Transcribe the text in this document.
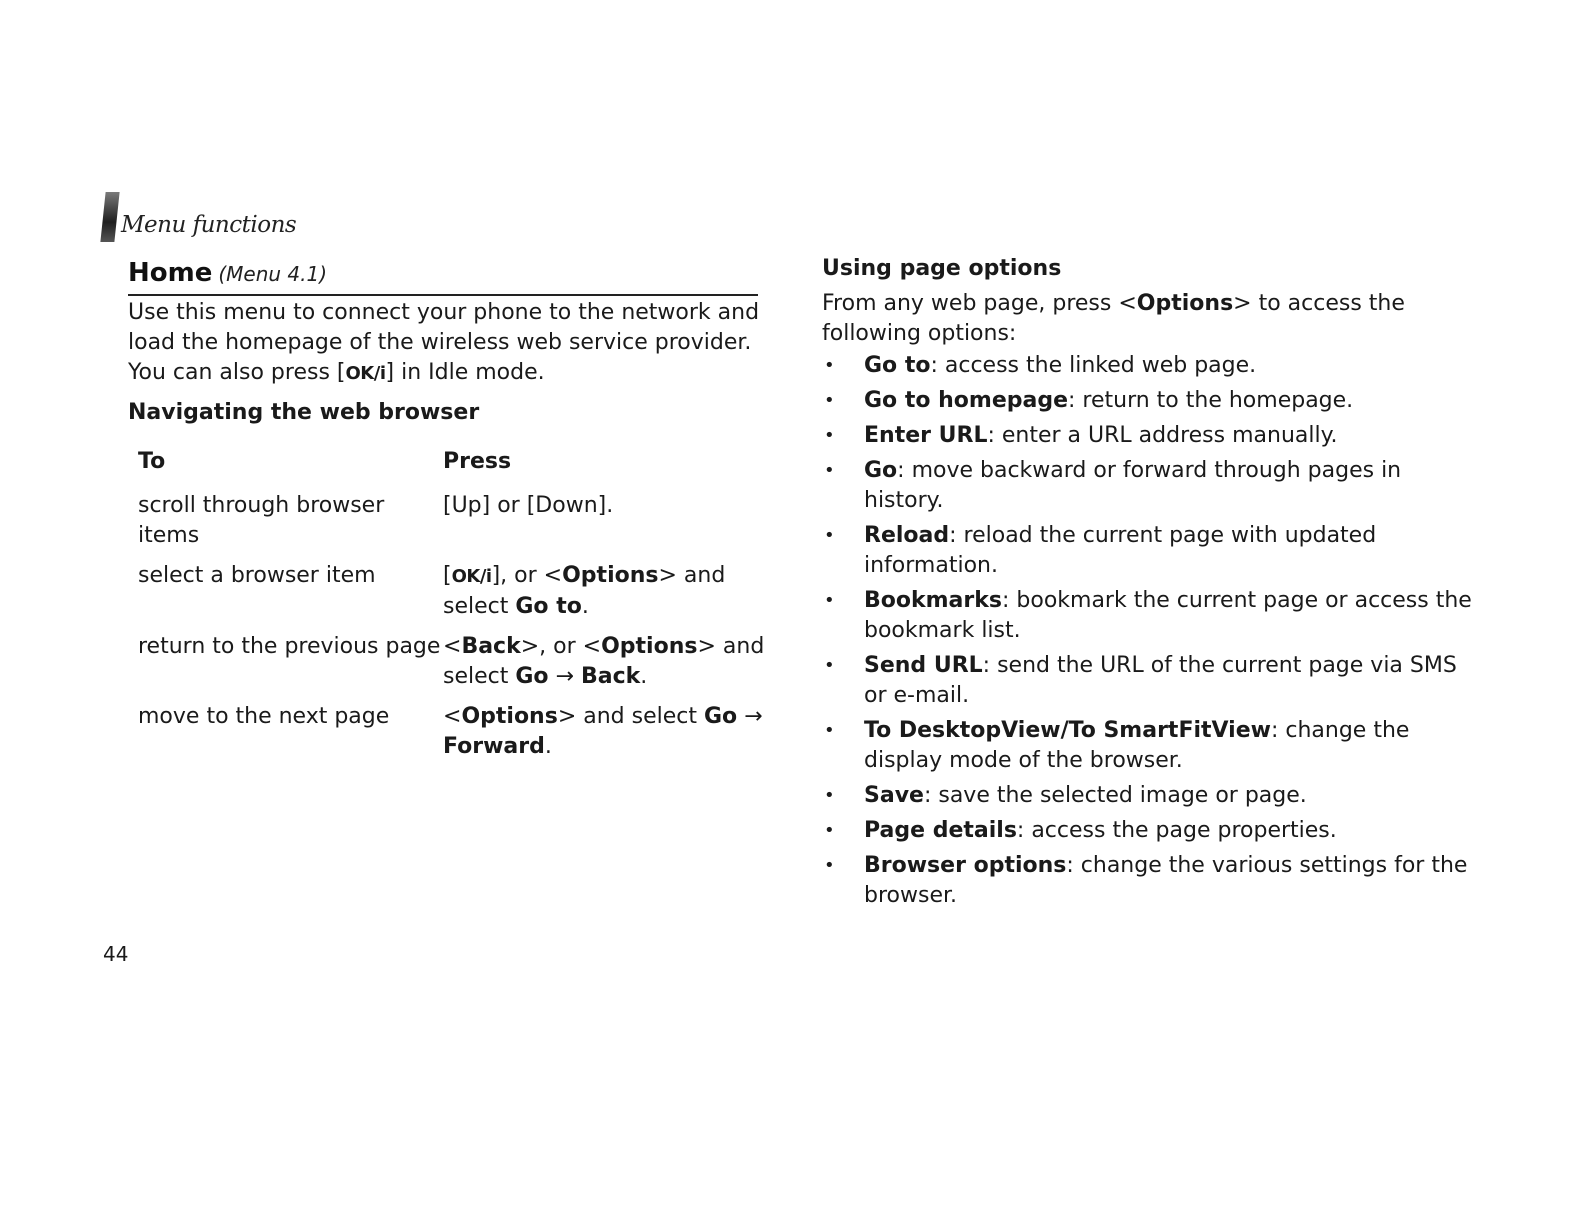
Menu functions
Home (Menu 4.1)
Use this menu to connect your phone to the network and load the homepage of the wireless web service provider. You can also press [OK/i] in Idle mode.
Navigating the web browser
To	Press
scroll through browser items	[Up] or [Down].
select a browser item	[OK/i], or <Options> and select Go to.
return to the previous page	<Back>, or <Options> and select Go → Back.
move to the next page	<Options> and select Go → Forward.
Using page options
From any web page, press <Options> to access the following options:
• Go to: access the linked web page.
• Go to homepage: return to the homepage.
• Enter URL: enter a URL address manually.
• Go: move backward or forward through pages in history.
• Reload: reload the current page with updated information.
• Bookmarks: bookmark the current page or access the bookmark list.
• Send URL: send the URL of the current page via SMS or e-mail.
• To DesktopView/To SmartFitView: change the display mode of the browser.
• Save: save the selected image or page.
• Page details: access the page properties.
• Browser options: change the various settings for the browser.
44
